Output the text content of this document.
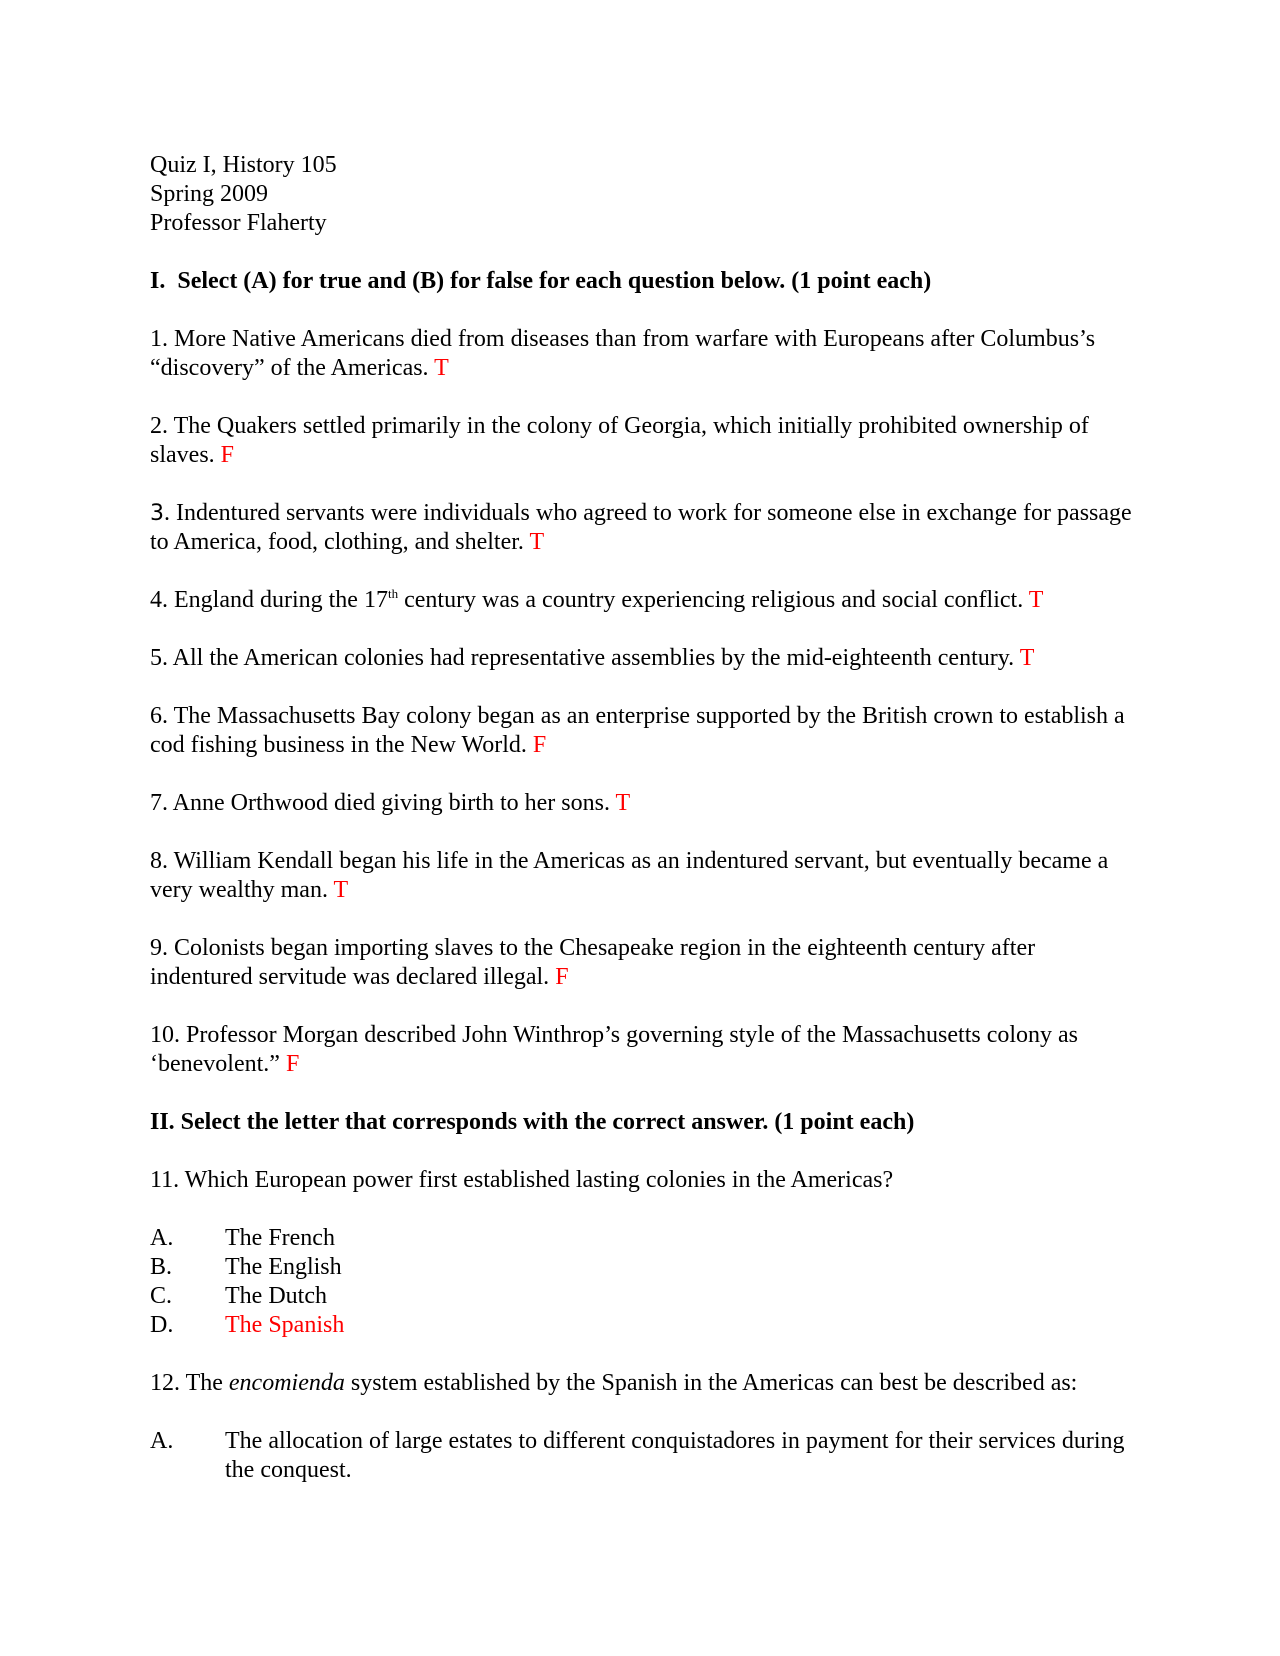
Quiz I, History 105
Spring 2009
Professor Flaherty
I.  Select (A) for true and (B) for false for each question below. (1 point each)
1. More Native Americans died from diseases than from warfare with Europeans after Columbus’s “discovery” of the Americas. T
2. The Quakers settled primarily in the colony of Georgia, which initially prohibited ownership of slaves. F
3. Indentured servants were individuals who agreed to work for someone else in exchange for passage to America, food, clothing, and shelter. T
4. England during the 17th century was a country experiencing religious and social conflict. T
5. All the American colonies had representative assemblies by the mid-eighteenth century. T
6. The Massachusetts Bay colony began as an enterprise supported by the British crown to establish a cod fishing business in the New World. F
7. Anne Orthwood died giving birth to her sons. T
8. William Kendall began his life in the Americas as an indentured servant, but eventually became a very wealthy man. T
9. Colonists began importing slaves to the Chesapeake region in the eighteenth century after indentured servitude was declared illegal. F
10. Professor Morgan described John Winthrop’s governing style of the Massachusetts colony as ‘benevolent.” F
II. Select the letter that corresponds with the correct answer. (1 point each)
11. Which European power first established lasting colonies in the Americas?
A.	The French
B.	The English
C.	The Dutch
D.	The Spanish
12. The encomienda system established by the Spanish in the Americas can best be described as:
A.	The allocation of large estates to different conquistadores in payment for their services during the conquest.
